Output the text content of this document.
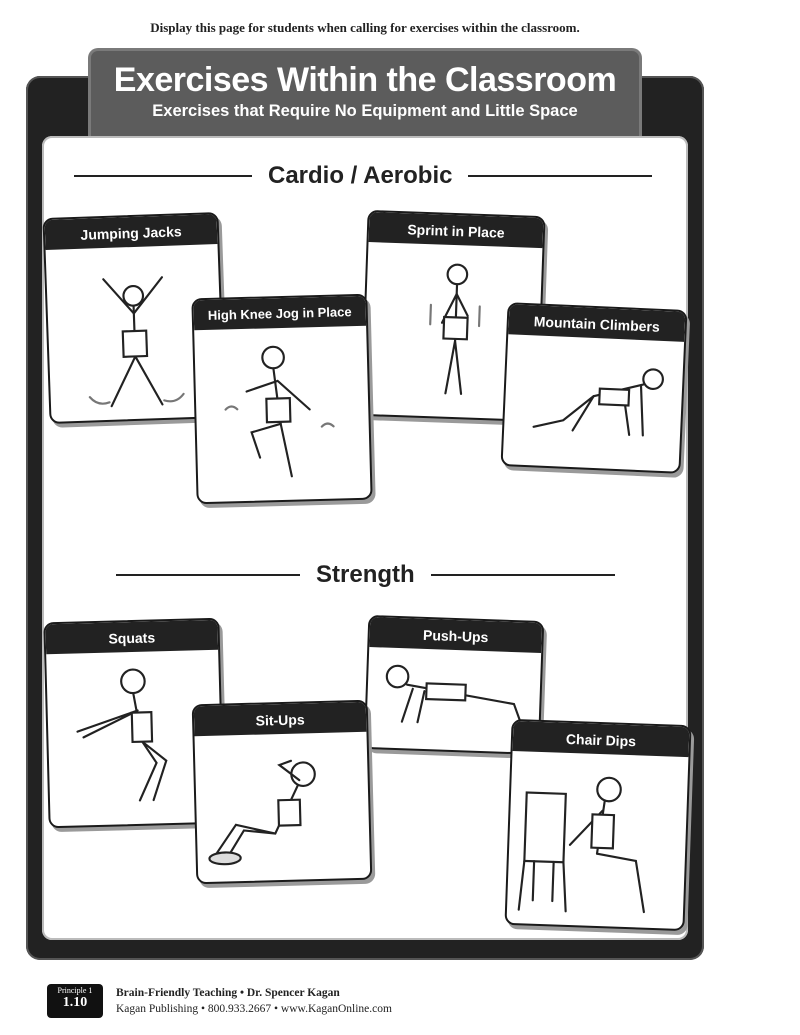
Display this page for students when calling for exercises within the classroom.
Exercises Within the Classroom
Exercises that Require No Equipment and Little Space
Cardio / Aerobic
Jumping Jacks	Sprint in Place
High Knee Jog in Place	Mountain Climbers
Strength
Squats	Push-Ups
Sit-Ups
Chair Dips
Principle 1
1.10
Brain-Friendly Teaching • Dr. Spencer Kagan
Kagan Publishing • 800.933.2667 • www.KaganOnline.com
